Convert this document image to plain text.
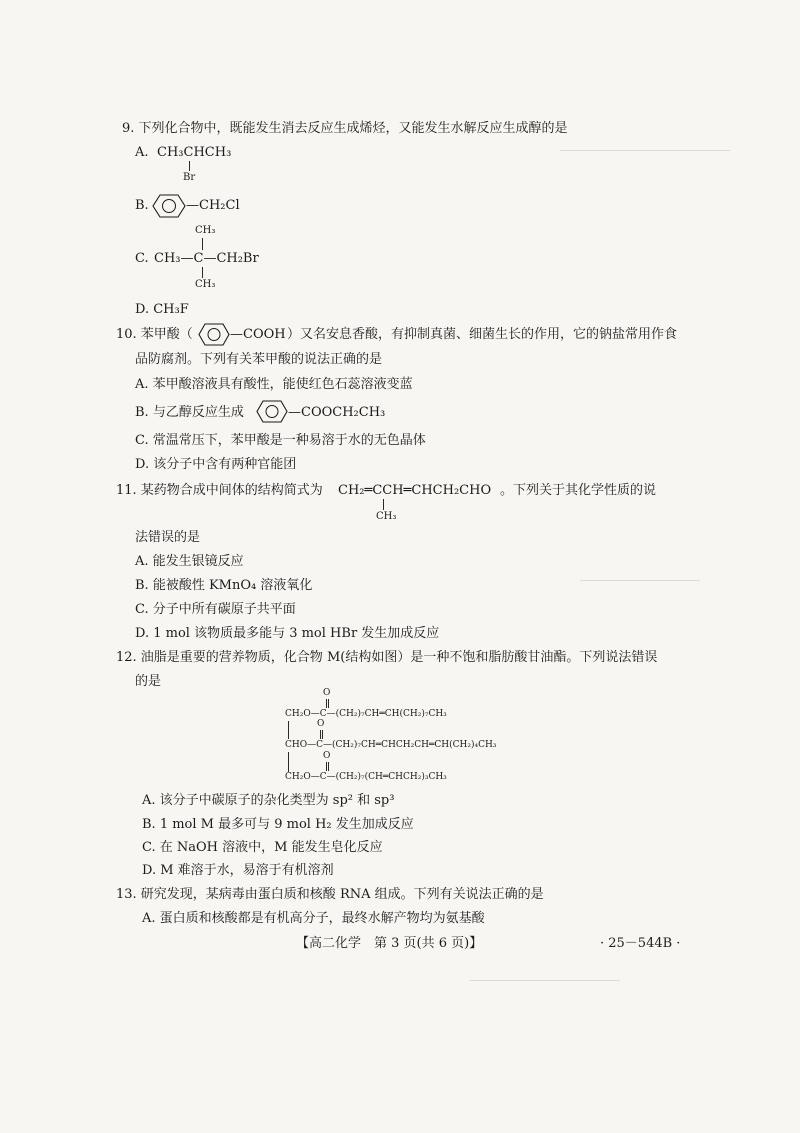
9. 下列化合物中，既能发生消去反应生成烯烃，又能发生水解反应生成醇的是
A. CH₃CHCH₃
Br
B.	—CH₂Cl
CH₃
C. CH₃—C—CH₂Br
CH₃
D. CH₃F
10. 苯甲酸（	—COOH ）又名安息香酸，有抑制真菌、细菌生长的作用，它的钠盐常用作食
品防腐剂。下列有关苯甲酸的说法正确的是
A. 苯甲酸溶液具有酸性，能使红色石蕊溶液变蓝
B. 与乙醇反应生成	—COOCH₂CH₃
C. 常温常压下，苯甲酸是一种易溶于水的无色晶体
D. 该分子中含有两种官能团
11. 某药物合成中间体的结构简式为 CH₂═CCH═CHCH₂CHO 。下列关于其化学性质的说
CH₃
法错误的是
A. 能发生银镜反应
B. 能被酸性 KMnO₄ 溶液氧化
C. 分子中所有碳原子共平面
D. 1 mol 该物质最多能与 3 mol HBr 发生加成反应
12. 油脂是重要的营养物质，化合物 M(结构如图）是一种不饱和脂肪酸甘油酯。下列说法错误
的是
O
CH₂O—C—(CH₂)₇CH═CH(CH₂)₇CH₃
O
CHO—C—(CH₂)₇CH═CHCH₂CH═CH(CH₂)₄CH₃
O
CH₂O—C—(CH₂)₇(CH═CHCH₂)₃CH₃
A. 该分子中碳原子的杂化类型为 sp² 和 sp³
B. 1 mol M 最多可与 9 mol H₂ 发生加成反应
C. 在 NaOH 溶液中，M 能发生皂化反应
D. M 难溶于水，易溶于有机溶剂
13. 研究发现，某病毒由蛋白质和核酸 RNA 组成。下列有关说法正确的是
A. 蛋白质和核酸都是有机高分子，最终水解产物均为氨基酸
【高二化学　第 3 页(共 6 页)】	· 25－544B ·
